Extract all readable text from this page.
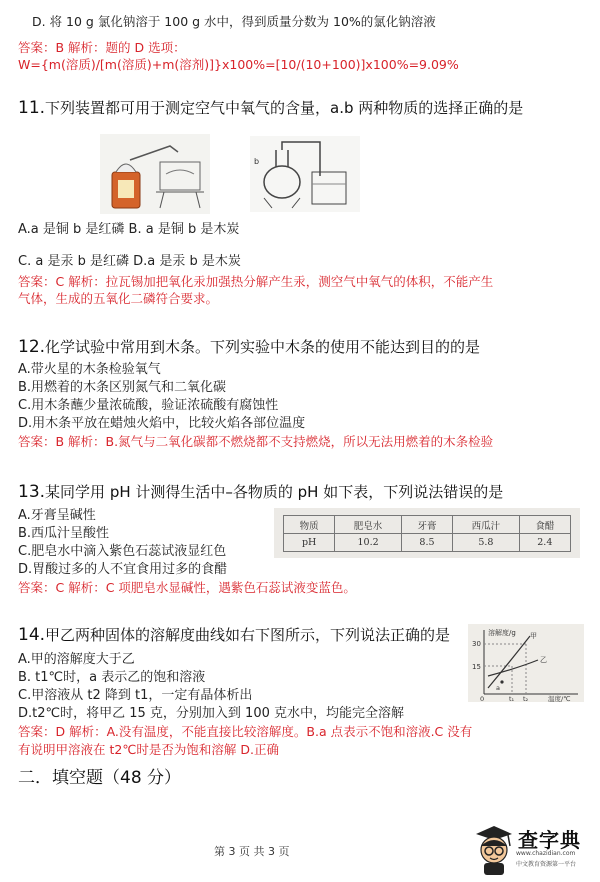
D. 将 10 g 氯化钠溶于 100 g 水中，得到质量分数为 10%的氯化钠溶液
答案：B 解析：题的 D 选项：
W={m(溶质)/[m(溶质)+m(溶剂)]}x100%=[10/(10+100)]x100%=9.09%
11.下列装置都可用于测定空气中氧气的含量，a.b 两种物质的选择正确的是
b
A.a 是铜 b 是红磷 B. a 是铜 b 是木炭
C. a 是汞 b 是红磷 D.a 是汞 b 是木炭
答案：C 解析：拉瓦锡加把氧化汞加强热分解产生汞，测空气中氧气的体积，不能产生
气体，生成的五氧化二磷符合要求。
12.化学试验中常用到木条。下列实验中木条的使用不能达到目的的是
A.带火星的木条检验氧气
B.用燃着的木条区别氮气和二氧化碳
C.用木条蘸少量浓硫酸，验证浓硫酸有腐蚀性
D.用木条平放在蜡烛火焰中，比较火焰各部位温度
答案：B 解析：B.氮气与二氧化碳都不燃烧都不支持燃烧，所以无法用燃着的木条检验
13.某同学用 pH 计测得生活中–各物质的 pH 如下表，下列说法错误的是
A.牙膏呈碱性
B.西瓜汁呈酸性
C.肥皂水中滴入紫色石蕊试液显红色
D.胃酸过多的人不宜食用过多的食醋
答案：C 解析：C 项肥皂水显碱性，遇紫色石蕊试液变蓝色。
物质	肥皂水	牙膏	西瓜汁	食醋
pH	10.2	8.5	5.8	2.4
14.甲乙两种固体的溶解度曲线如右下图所示，下列说法正确的是
A.甲的溶解度大于乙
B. t1℃时，a 表示乙的饱和溶液
C.甲溶液从 t2 降到 t1，一定有晶体析出
D.t2℃时，将甲乙 15 克，分别加入到 100 克水中，均能完全溶解
答案：D 解析：A.没有温度，不能直接比较溶解度。B.a 点表示不饱和溶液.C 没有
有说明甲溶液在 t2℃时是否为饱和溶解 D.正确
溶解度/g
30
15
0	t₁ t₂	温度/℃
甲
乙
a
二．填空题（48 分）
第 3 页 共 3 页	查字典
www.chazidian.com
中文教育资源第一平台
